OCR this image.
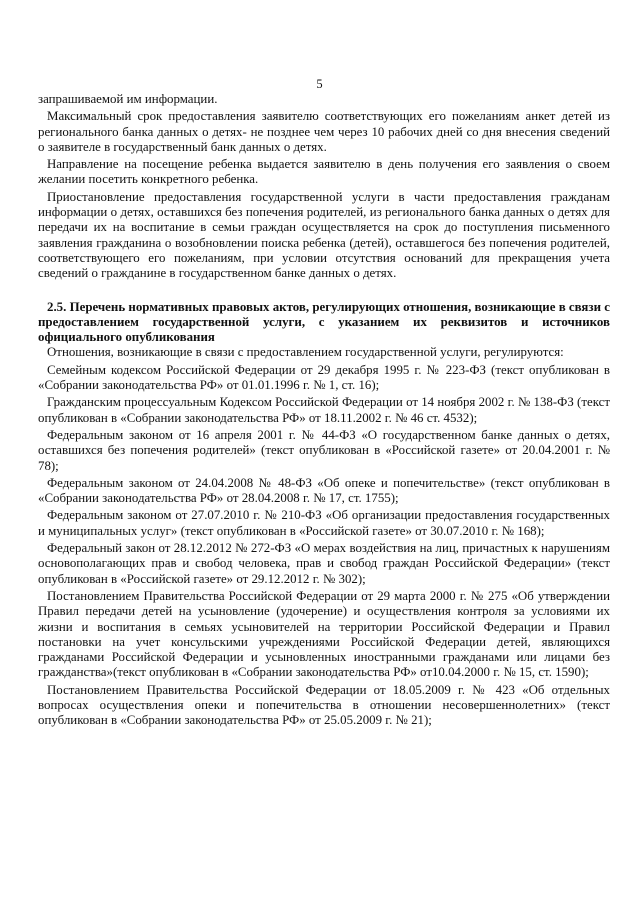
5

запрашиваемой им информации.

Максимальный срок предоставления заявителю соответствующих его пожеланиям анкет детей из регионального банка данных о детях- не позднее чем через 10 рабочих дней со дня внесения сведений о заявителе в государственный банк данных о детях.

Направление на посещение ребенка выдается заявителю в день получения его заявления о своем желании посетить конкретного ребенка.

Приостановление предоставления государственной услуги в части предоставления гражданам информации о детях, оставшихся без попечения родителей, из регионального банка данных о детях для передачи их на воспитание в семьи граждан осуществляется на срок до поступления письменного заявления гражданина о возобновлении поиска ребенка (детей), оставшегося без попечения родителей, соответствующего его пожеланиям, при условии отсутствия оснований для прекращения учета сведений о гражданине в государственном банке данных о детях.

2.5. Перечень нормативных правовых актов, регулирующих отношения, возникающие в связи с предоставлением государственной услуги, с указанием их реквизитов и источников официального опубликования

Отношения, возникающие в связи с предоставлением государственной услуги, регулируются:

Семейным кодексом Российской Федерации от 29 декабря 1995 г. № 223-ФЗ (текст опубликован в «Собрании законодательства РФ» от 01.01.1996 г. № 1, ст. 16);

Гражданским процессуальным Кодексом Российской Федерации от 14 ноября 2002 г. № 138-ФЗ (текст опубликован в «Собрании законодательства РФ» от 18.11.2002 г. № 46 ст. 4532);

Федеральным законом от 16 апреля 2001 г. № 44-ФЗ «О государственном банке данных о детях, оставшихся без попечения родителей» (текст опубликован в «Российской газете» от 20.04.2001 г. № 78);

Федеральным законом от 24.04.2008 № 48-ФЗ «Об опеке и попечительстве» (текст опубликован в «Собрании законодательства РФ» от 28.04.2008 г. № 17, ст. 1755);

Федеральным законом от 27.07.2010 г. № 210-ФЗ «Об организации предоставления государственных и муниципальных услуг» (текст опубликован в «Российской газете» от 30.07.2010 г. № 168);

Федеральный закон от 28.12.2012 № 272-ФЗ «О мерах воздействия на лиц, причастных к нарушениям основополагающих прав и свобод человека, прав и свобод граждан Российской Федерации» (текст опубликован в «Российской газете» от 29.12.2012 г. № 302);

Постановлением Правительства Российской Федерации от 29 марта 2000 г. № 275 «Об утверждении Правил передачи детей на усыновление (удочерение) и осуществления контроля за условиями их жизни и воспитания в семьях усыновителей на территории Российской Федерации и Правил постановки на учет консульскими учреждениями Российской Федерации детей, являющихся гражданами Российской Федерации и усыновленных иностранными гражданами или лицами без гражданства»(текст опубликован в «Собрании законодательства РФ» от10.04.2000 г. № 15, ст. 1590);

Постановлением Правительства Российской Федерации от 18.05.2009 г. № 423 «Об отдельных вопросах осуществления опеки и попечительства в отношении несовершеннолетних» (текст опубликован в «Собрании законодательства РФ» от 25.05.2009 г. № 21);
